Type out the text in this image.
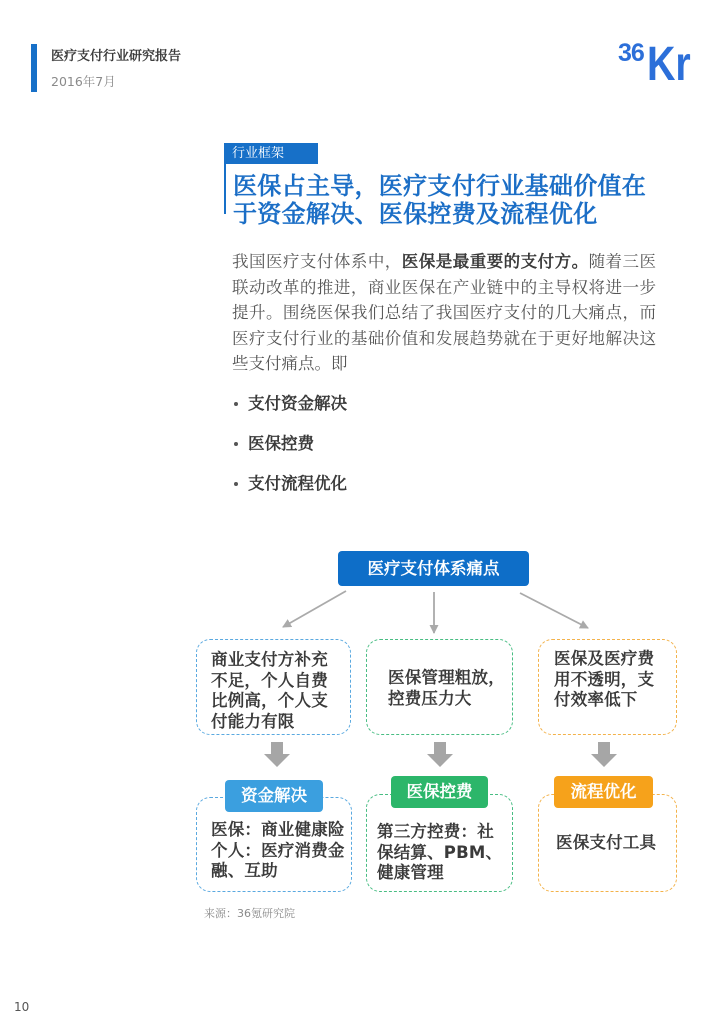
医疗支付行业研究报告
2016年7月
36 Kr
行业框架
医保占主导，医疗支付行业基础价值在
于资金解决、医保控费及流程优化
我国医疗支付体系中，医保是最重要的支付方。随着三医
联动改革的推进，商业医保在产业链中的主导权将进一步
提升。围绕医保我们总结了我国医疗支付的几大痛点，而
医疗支付行业的基础价值和发展趋势就在于更好地解决这
些支付痛点。即
支付资金解决
医保控费
支付流程优化
医疗支付体系痛点
商业支付方补充
不足，个人自费
比例高，个人支
付能力有限
医保管理粗放，
控费压力大
医保及医疗费
用不透明，支
付效率低下
医保：商业健康险
个人：医疗消费金
融、互助
第三方控费：社
保结算、PBM、
健康管理
医保支付工具
资金解决	医保控费	流程优化
来源：36氪研究院
10
